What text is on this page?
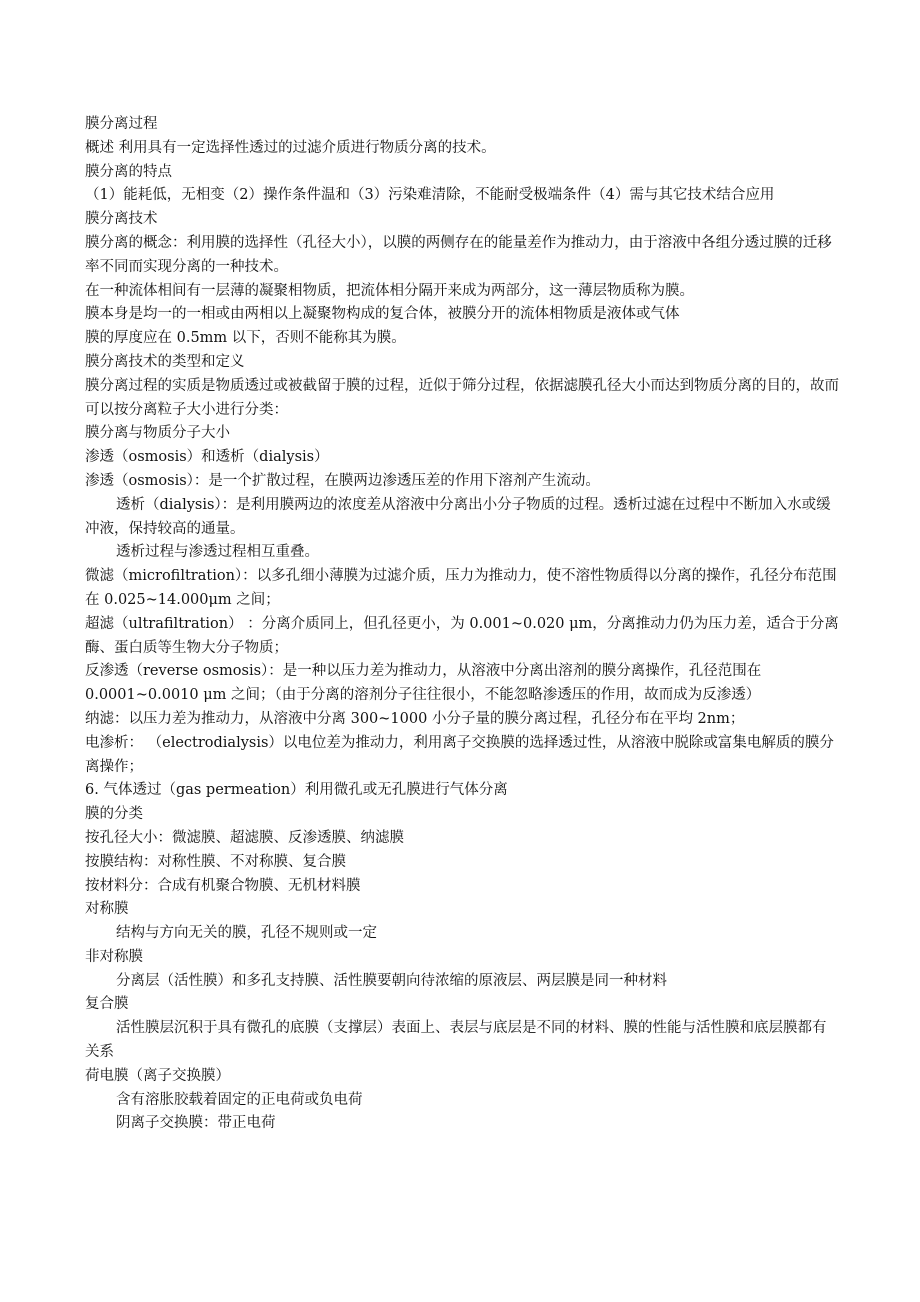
膜分离过程

概述 利用具有一定选择性透过的过滤介质进行物质分离的技术。

膜分离的特点

（1）能耗低，无相变（2）操作条件温和（3）污染难清除，不能耐受极端条件（4）需与其它技术结合应用

膜分离技术

膜分离的概念：利用膜的选择性（孔径大小），以膜的两侧存在的能量差作为推动力，由于溶液中各组分透过膜的迁移率不同而实现分离的一种技术。

在一种流体相间有一层薄的凝聚相物质，把流体相分隔开来成为两部分，这一薄层物质称为膜。

膜本身是均一的一相或由两相以上凝聚物构成的复合体，被膜分开的流体相物质是液体或气体

膜的厚度应在 0.5mm 以下，否则不能称其为膜。

膜分离技术的类型和定义

膜分离过程的实质是物质透过或被截留于膜的过程，近似于筛分过程，依据滤膜孔径大小而达到物质分离的目的，故而可以按分离粒子大小进行分类：

膜分离与物质分子大小

渗透（osmosis）和透析（dialysis）

渗透（osmosis）：是一个扩散过程，在膜两边渗透压差的作用下溶剂产生流动。

透析（dialysis）：是利用膜两边的浓度差从溶液中分离出小分子物质的过程。透析过滤在过程中不断加入水或缓冲液，保持较高的通量。

透析过程与渗透过程相互重叠。

微滤（microfiltration）：以多孔细小薄膜为过滤介质，压力为推动力，使不溶性物质得以分离的操作，孔径分布范围在 0.025~14.000μm 之间；

超滤（ultrafiltration） ：分离介质同上，但孔径更小，为 0.001~0.020 μm，分离推动力仍为压力差，适合于分离酶、蛋白质等生物大分子物质；

反渗透（reverse osmosis）：是一种以压力差为推动力，从溶液中分离出溶剂的膜分离操作，孔径范围在 0.0001~0.0010 μm 之间；（由于分离的溶剂分子往往很小，不能忽略渗透压的作用，故而成为反渗透）

纳滤：以压力差为推动力，从溶液中分离 300~1000 小分子量的膜分离过程，孔径分布在平均 2nm；

电渗析： （electrodialysis）以电位差为推动力，利用离子交换膜的选择透过性，从溶液中脱除或富集电解质的膜分离操作；

6. 气体透过（gas permeation）利用微孔或无孔膜进行气体分离

膜的分类

按孔径大小：微滤膜、超滤膜、反渗透膜、纳滤膜

按膜结构：对称性膜、不对称膜、复合膜

按材料分：合成有机聚合物膜、无机材料膜

对称膜

结构与方向无关的膜，孔径不规则或一定

非对称膜

分离层（活性膜）和多孔支持膜、活性膜要朝向待浓缩的原液层、两层膜是同一种材料

复合膜

活性膜层沉积于具有微孔的底膜（支撑层）表面上、表层与底层是不同的材料、膜的性能与活性膜和底层膜都有关系

荷电膜（离子交换膜）

含有溶胀胶载着固定的正电荷或负电荷

阴离子交换膜：带正电荷
